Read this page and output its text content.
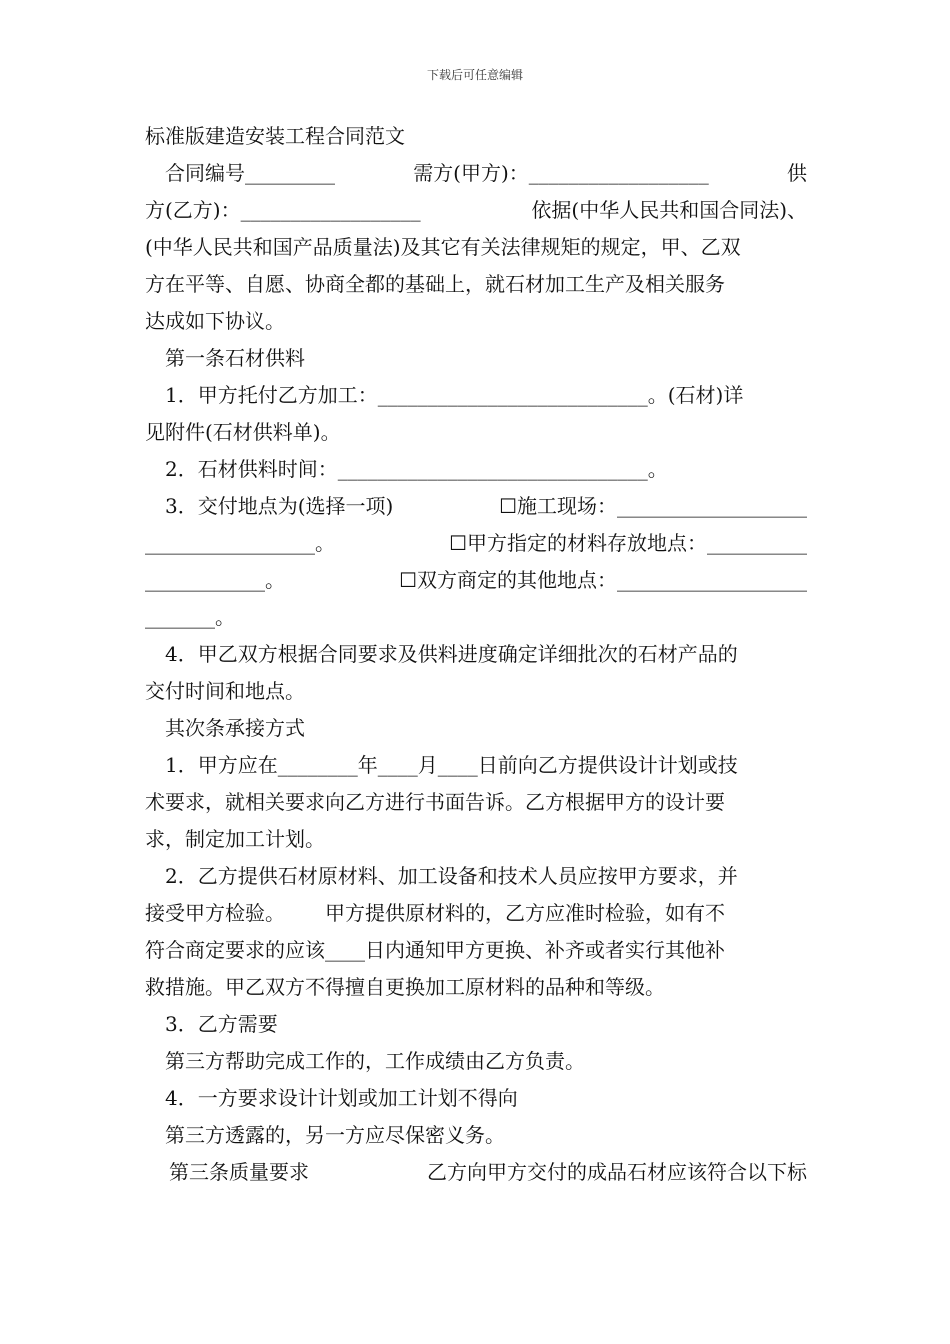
下载后可任意编辑
标准版建造安装工程合同范文
合同编号_________	需方(甲方)：__________________	供
方(乙方)：__________________	依据(中华人民共和国合同法)、
(中华人民共和国产品质量法)及其它有关法律规矩的规定，甲、乙双
方在平等、自愿、协商全都的基础上，就石材加工生产及相关服务
达成如下协议。
第一条石材供料
1．甲方托付乙方加工：___________________________。(石材)详
见附件(石材供料单)。
2．石材供料时间：_______________________________。
3．交付地点为(选择一项)	☐施工现场：___________________
_________________。	☐甲方指定的材料存放地点：__________
____________。	☐双方商定的其他地点：___________________
_______。
4．甲乙双方根据合同要求及供料进度确定详细批次的石材产品的
交付时间和地点。
其次条承接方式
1．甲方应在________年____月____日前向乙方提供设计计划或技
术要求，就相关要求向乙方进行书面告诉。乙方根据甲方的设计要
求，制定加工计划。
2．乙方提供石材原材料、加工设备和技术人员应按甲方要求，并
接受甲方检验。 甲方提供原材料的，乙方应准时检验，如有不
符合商定要求的应该____日内通知甲方更换、补齐或者实行其他补
救措施。甲乙双方不得擅自更换加工原材料的品种和等级。
3．乙方需要
第三方帮助完成工作的，工作成绩由乙方负责。
4．一方要求设计计划或加工计划不得向
第三方透露的，另一方应尽保密义务。
第三条质量要求	乙方向甲方交付的成品石材应该符合以下标
